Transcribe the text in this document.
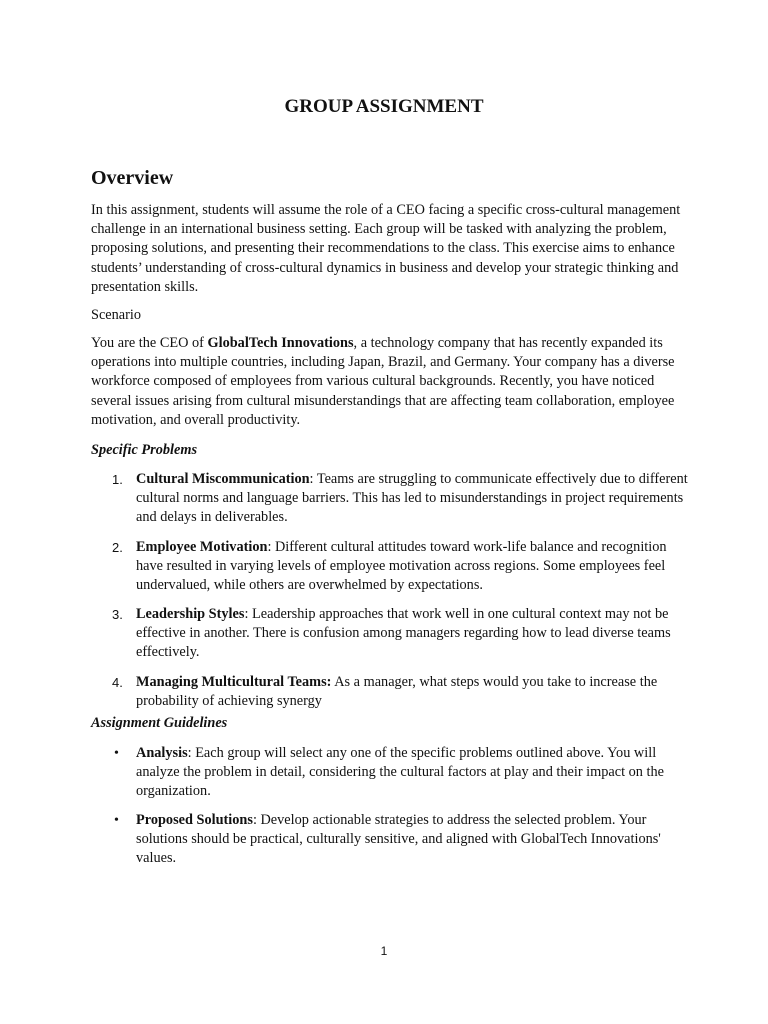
GROUP ASSIGNMENT
Overview
In this assignment, students will assume the role of a CEO facing a specific cross-cultural management challenge in an international business setting. Each group will be tasked with analyzing the problem, proposing solutions, and presenting their recommendations to the class. This exercise aims to enhance students’ understanding of cross-cultural dynamics in business and develop your strategic thinking and presentation skills.
Scenario
You are the CEO of GlobalTech Innovations, a technology company that has recently expanded its operations into multiple countries, including Japan, Brazil, and Germany. Your company has a diverse workforce composed of employees from various cultural backgrounds. Recently, you have noticed several issues arising from cultural misunderstandings that are affecting team collaboration, employee motivation, and overall productivity.
Specific Problems
1. Cultural Miscommunication: Teams are struggling to communicate effectively due to different cultural norms and language barriers. This has led to misunderstandings in project requirements and delays in deliverables.
2. Employee Motivation: Different cultural attitudes toward work-life balance and recognition have resulted in varying levels of employee motivation across regions. Some employees feel undervalued, while others are overwhelmed by expectations.
3. Leadership Styles: Leadership approaches that work well in one cultural context may not be effective in another. There is confusion among managers regarding how to lead diverse teams effectively.
4. Managing Multicultural Teams: As a manager, what steps would you take to increase the probability of achieving synergy
Assignment Guidelines
• Analysis: Each group will select any one of the specific problems outlined above. You will analyze the problem in detail, considering the cultural factors at play and their impact on the organization.
• Proposed Solutions: Develop actionable strategies to address the selected problem. Your solutions should be practical, culturally sensitive, and aligned with GlobalTech Innovations' values.
1
